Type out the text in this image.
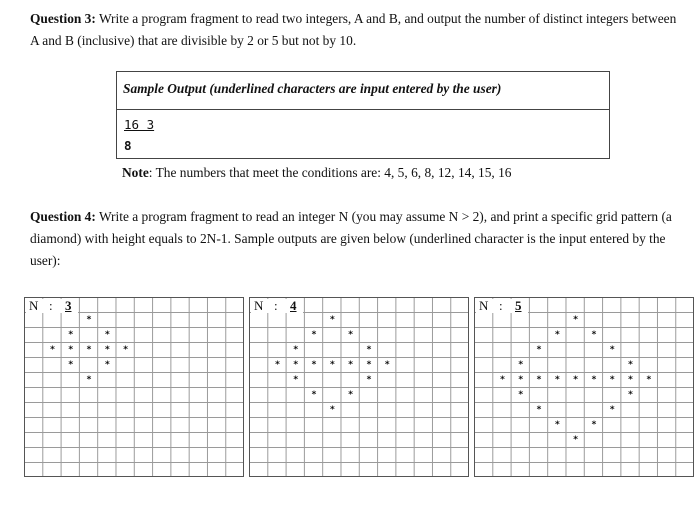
Question 3: Write a program fragment to read two integers, A and B, and output the number of distinct integers between A and B (inclusive) that are divisible by 2 or 5 but not by 10.

Sample Output (underlined characters are input entered by the user)
16 3
8
Note: The numbers that meet the conditions are: 4, 5, 6, 8, 12, 14, 15, 16

Question 4: Write a program fragment to read an integer N (you may assume N > 2), and print a specific grid pattern (a diamond) with height equals to 2N-1. Sample outputs are given below (underlined character is the input entered by the user):

N : 3
*
*	*
*	*	*	*	*
*	*
*
N : 4
*
*	*
*	*
*	*	*	*	*	*	*
*	*
*	*
*
N : 5
*
*	*
*	*
*	*
*	*	*	*	*	*	*	*	*
*	*
*	*
*	*
*
